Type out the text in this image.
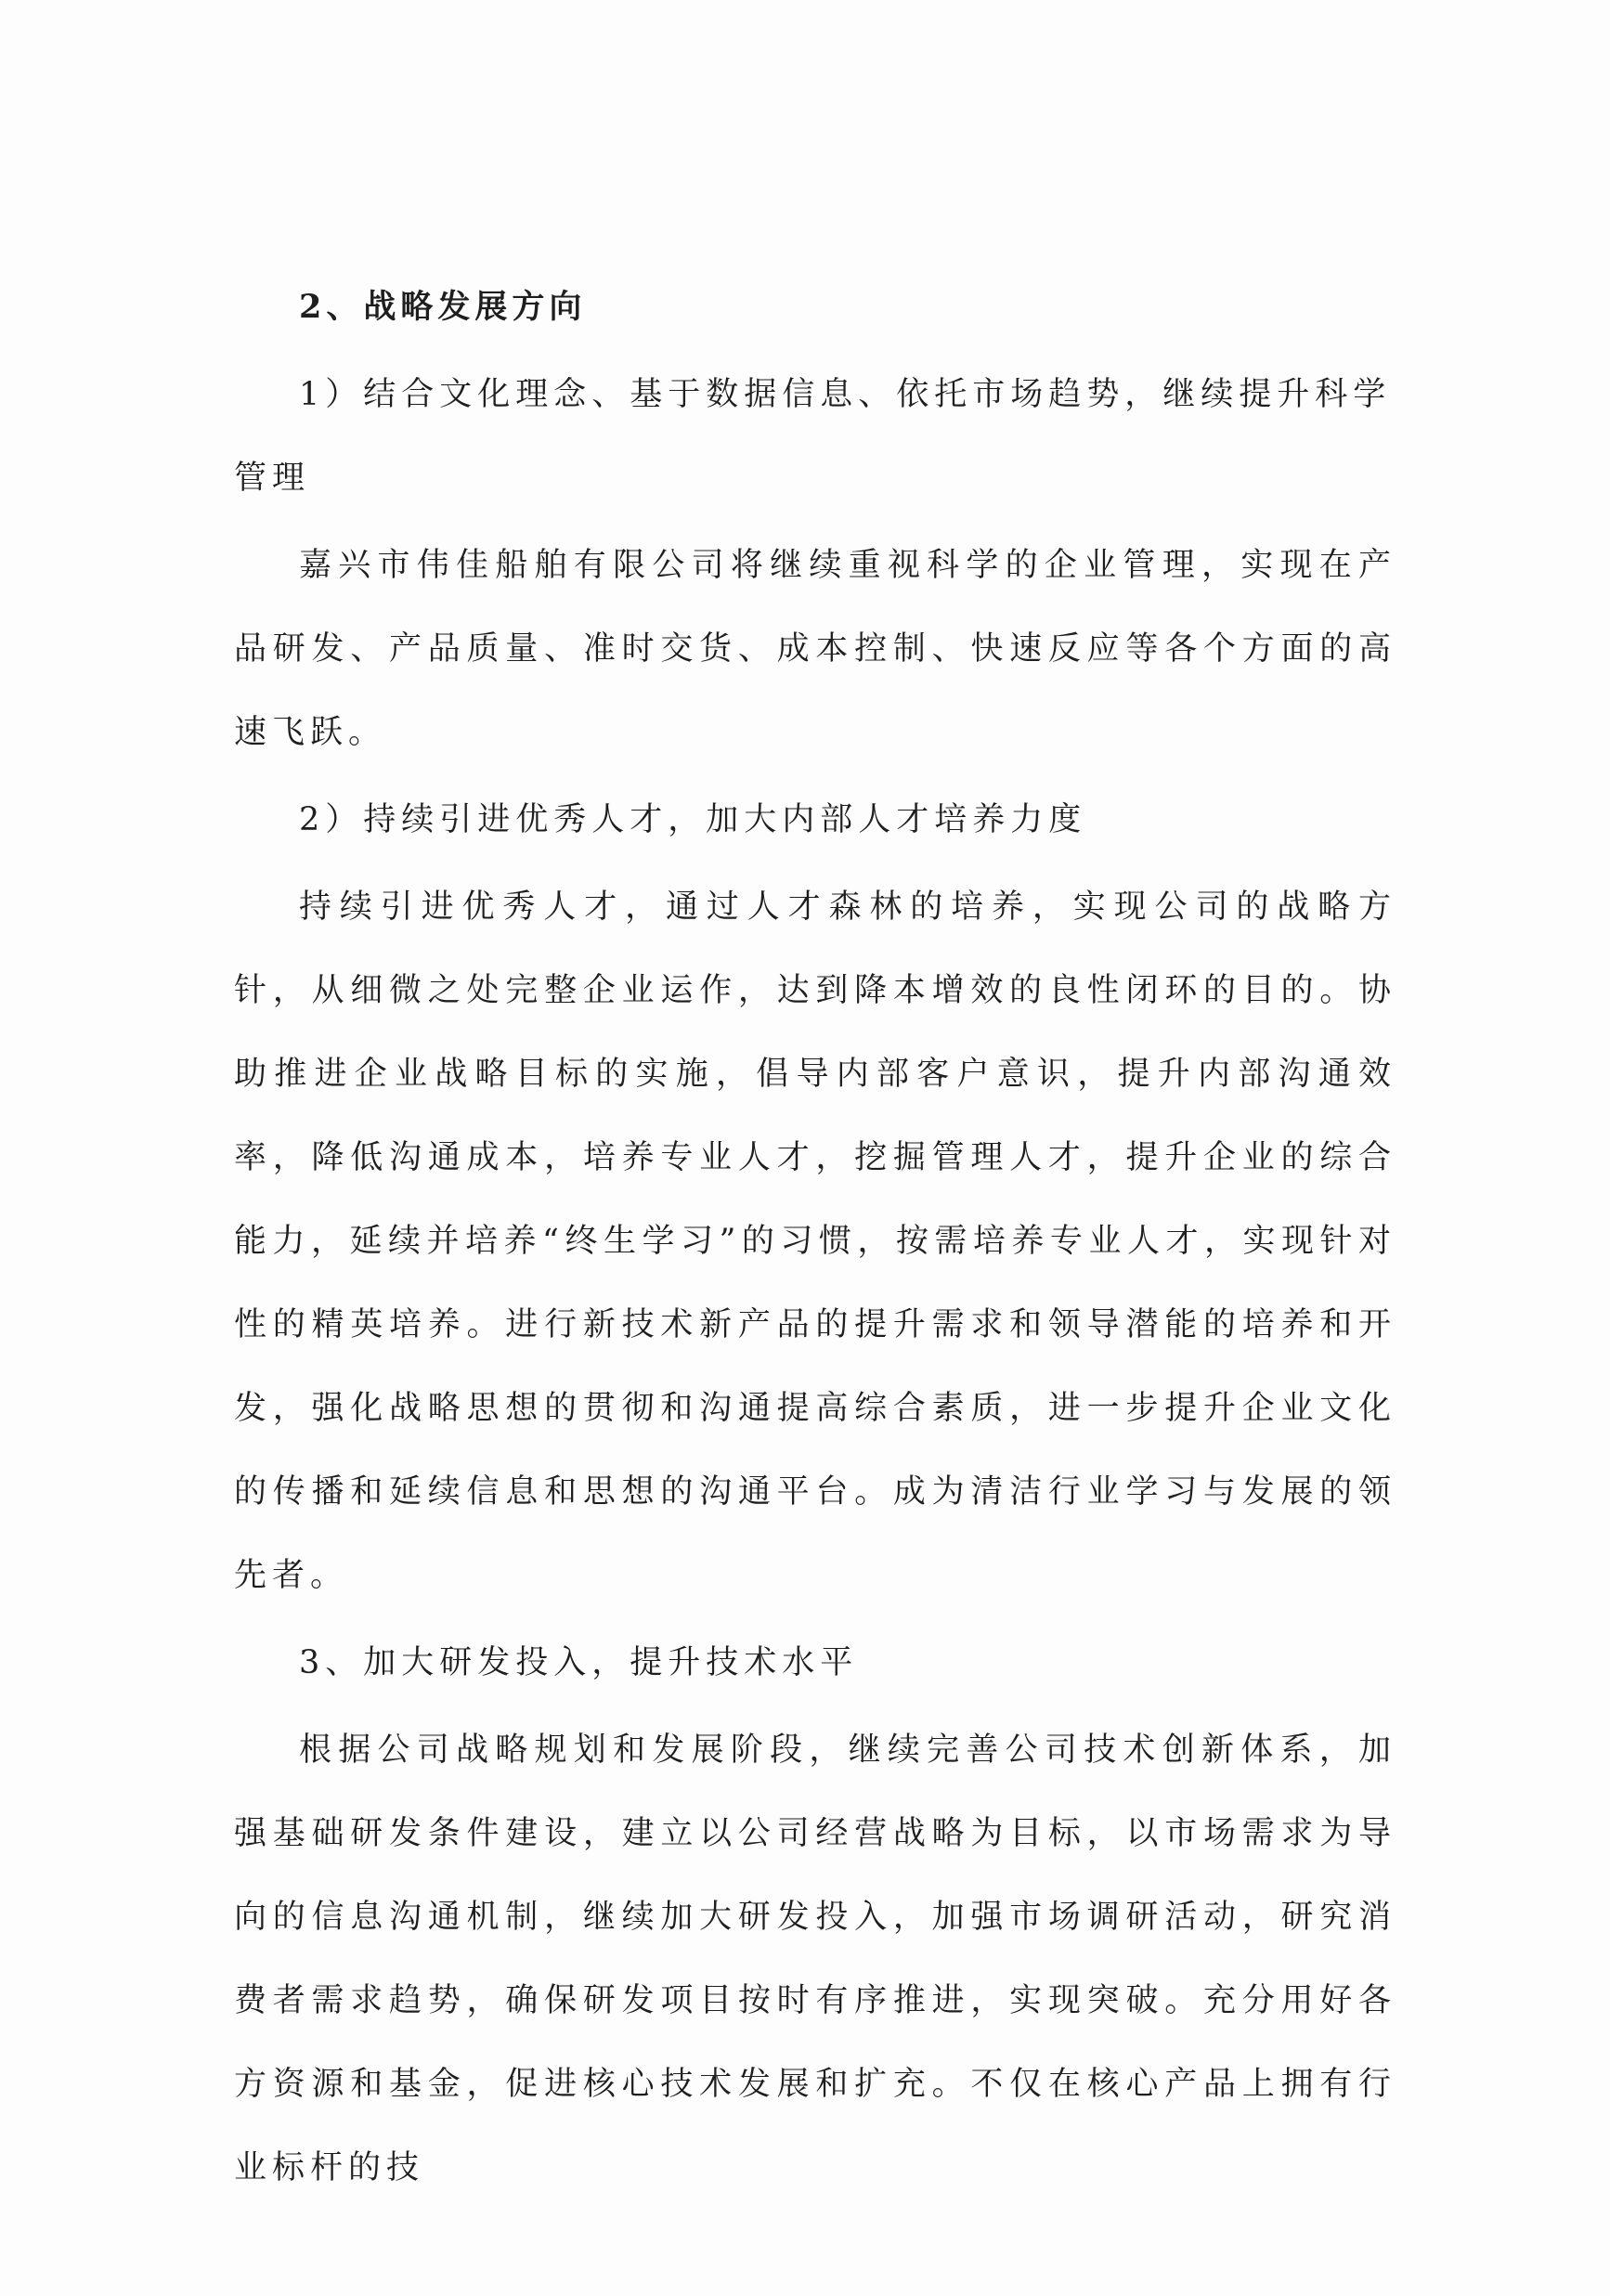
2、战略发展方向

1）结合文化理念、基于数据信息、依托市场趋势，继续提升科学管理

嘉兴市伟佳船舶有限公司将继续重视科学的企业管理，实现在产品研发、产品质量、准时交货、成本控制、快速反应等各个方面的高速飞跃。

2）持续引进优秀人才，加大内部人才培养力度

持续引进优秀人才，通过人才森林的培养，实现公司的战略方针，从细微之处完整企业运作，达到降本增效的良性闭环的目的。协助推进企业战略目标的实施，倡导内部客户意识，提升内部沟通效率，降低沟通成本，培养专业人才，挖掘管理人才，提升企业的综合能力，延续并培养“终生学习”的习惯，按需培养专业人才，实现针对性的精英培养。进行新技术新产品的提升需求和领导潜能的培养和开发，强化战略思想的贯彻和沟通提高综合素质，进一步提升企业文化的传播和延续信息和思想的沟通平台。成为清洁行业学习与发展的领先者。

3、加大研发投入，提升技术水平

根据公司战略规划和发展阶段，继续完善公司技术创新体系，加强基础研发条件建设，建立以公司经营战略为目标，以市场需求为导向的信息沟通机制，继续加大研发投入，加强市场调研活动，研究消费者需求趋势，确保研发项目按时有序推进，实现突破。充分用好各方资源和基金，促进核心技术发展和扩充。不仅在核心产品上拥有行业标杆的技
